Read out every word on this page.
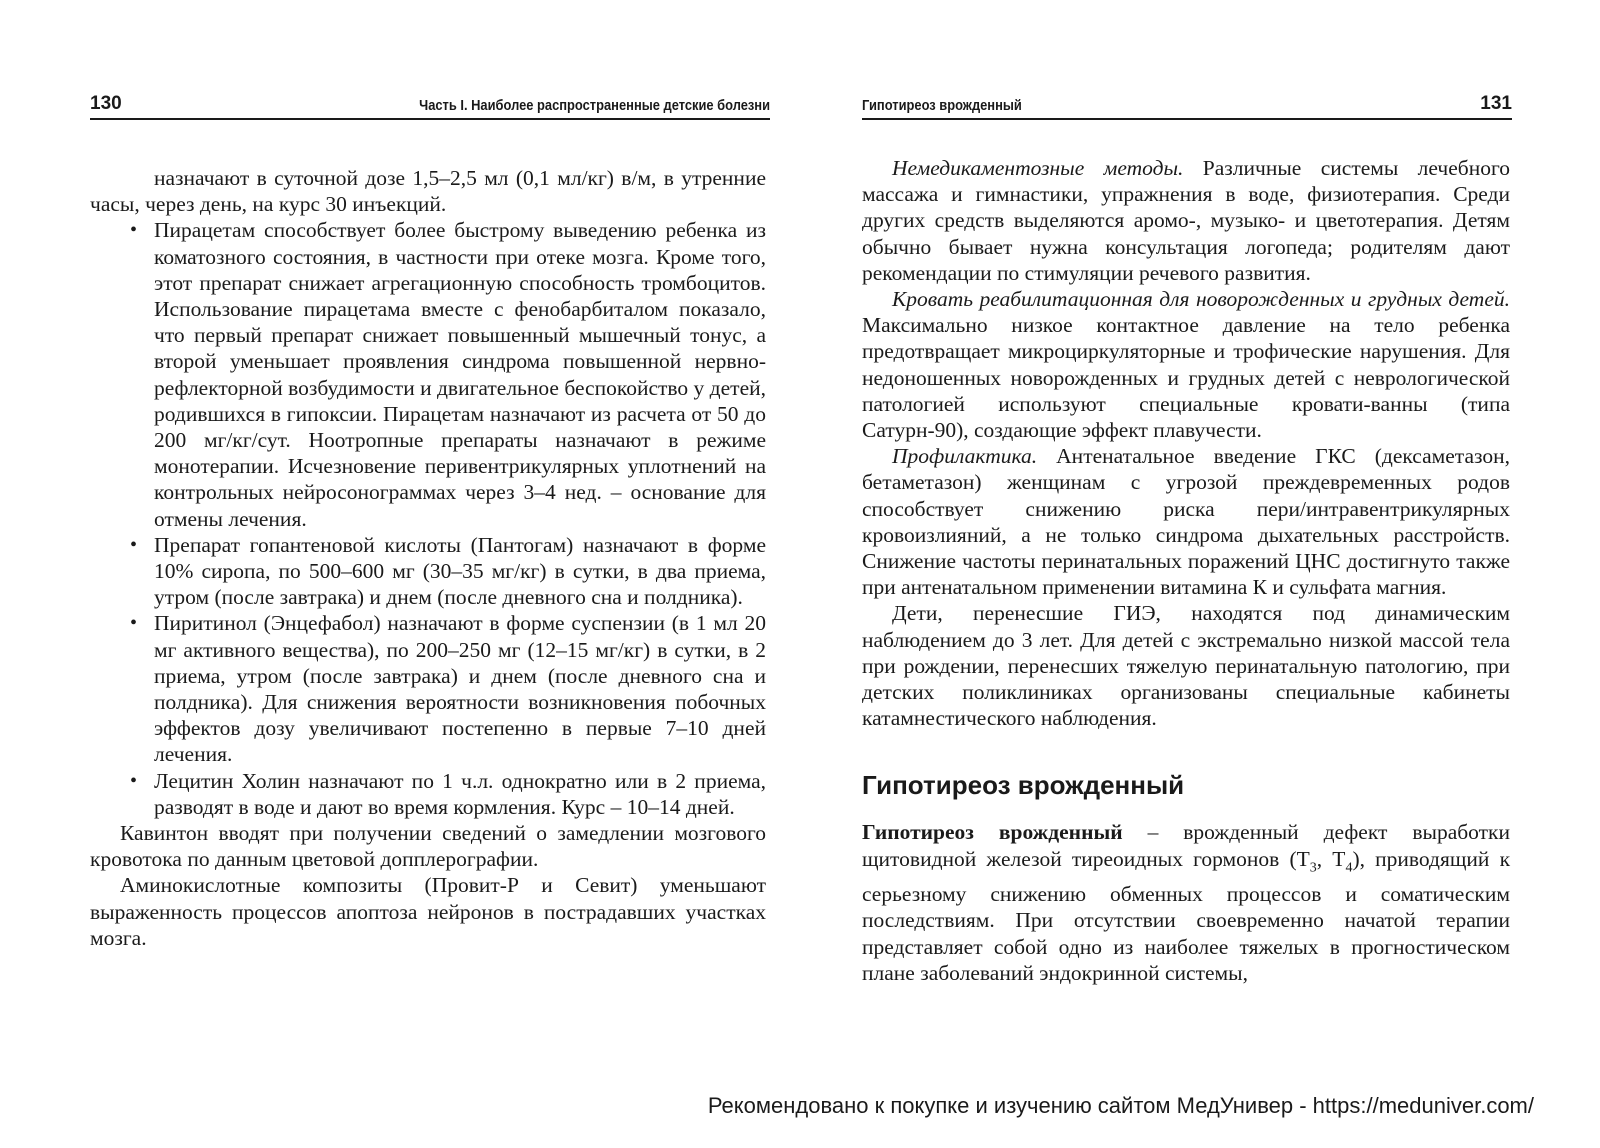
130	Часть I. Наиболее распространенные детские болезни

назначают в суточной дозе 1,5–2,5 мл (0,1 мл/кг) в/м, в утренние часы, через день, на курс 30 инъекций.

• Пирацетам способствует более быстрому выведению ребенка из коматозного состояния, в частности при отеке мозга. Кроме того, этот препарат снижает агрегационную способность тромбоцитов. Использование пирацетама вместе с фенобарбиталом показало, что первый препарат снижает повышенный мышечный тонус, а второй уменьшает проявления синдрома повышенной нервно-рефлекторной возбудимости и двигательное беспокойство у детей, родившихся в гипоксии. Пирацетам назначают из расчета от 50 до 200 мг/кг/сут. Ноотропные препараты назначают в режиме монотерапии. Исчезновение перивентрикулярных уплотнений на контрольных нейросонограммах через 3–4 нед. – основание для отмены лечения.
• Препарат гопантеновой кислоты (Пантогам) назначают в форме 10% сиропа, по 500–600 мг (30–35 мг/кг) в сутки, в два приема, утром (после завтрака) и днем (после дневного сна и полдника).
• Пиритинол (Энцефабол) назначают в форме суспензии (в 1 мл 20 мг активного вещества), по 200–250 мг (12–15 мг/кг) в сутки, в 2 приема, утром (после завтрака) и днем (после дневного сна и полдника). Для снижения вероятности возникновения побочных эффектов дозу увеличивают постепенно в первые 7–10 дней лечения.
• Лецитин Холин назначают по 1 ч.л. однократно или в 2 приема, разводят в воде и дают во время кормления. Курс – 10–14 дней.

Кавинтон вводят при получении сведений о замедлении мозгового кровотока по данным цветовой допплерографии.

Аминокислотные композиты (Провит-Р и Севит) уменьшают выраженность процессов апоптоза нейронов в пострадавших участках мозга.

Гипотиреоз врожденный	131

Немедикаментозные методы. Различные системы лечебного массажа и гимнастики, упражнения в воде, физиотерапия. Среди других средств выделяются аромо-, музыко- и цветотерапия. Детям обычно бывает нужна консультация логопеда; родителям дают рекомендации по стимуляции речевого развития.

Кровать реабилитационная для новорожденных и грудных детей. Максимально низкое контактное давление на тело ребенка предотвращает микроциркуляторные и трофические нарушения. Для недоношенных новорожденных и грудных детей с неврологической патологией используют специальные кровати-ванны (типа Сатурн-90), создающие эффект плавучести.

Профилактика. Антенатальное введение ГКС (дексаметазон, бетаметазон) женщинам с угрозой преждевременных родов способствует снижению риска пери/интравентрикулярных кровоизлияний, а не только синдрома дыхательных расстройств. Снижение частоты перинатальных поражений ЦНС достигнуто также при антенатальном применении витамина К и сульфата магния.

Дети, перенесшие ГИЭ, находятся под динамическим наблюдением до 3 лет. Для детей с экстремально низкой массой тела при рождении, перенесших тяжелую перинатальную патологию, при детских поликлиниках организованы специальные кабинеты катамнестического наблюдения.

Гипотиреоз врожденный

Гипотиреоз врожденный – врожденный дефект выработки щитовидной железой тиреоидных гормонов ($Т_3$, $Т_4$), приводящий к серьезному снижению обменных процессов и соматическим последствиям. При отсутствии своевременно начатой терапии представляет собой одно из наиболее тяжелых в прогностическом плане заболеваний эндокринной системы,

Рекомендовано к покупке и изучению сайтом МедУнивер - https://meduniver.com/
